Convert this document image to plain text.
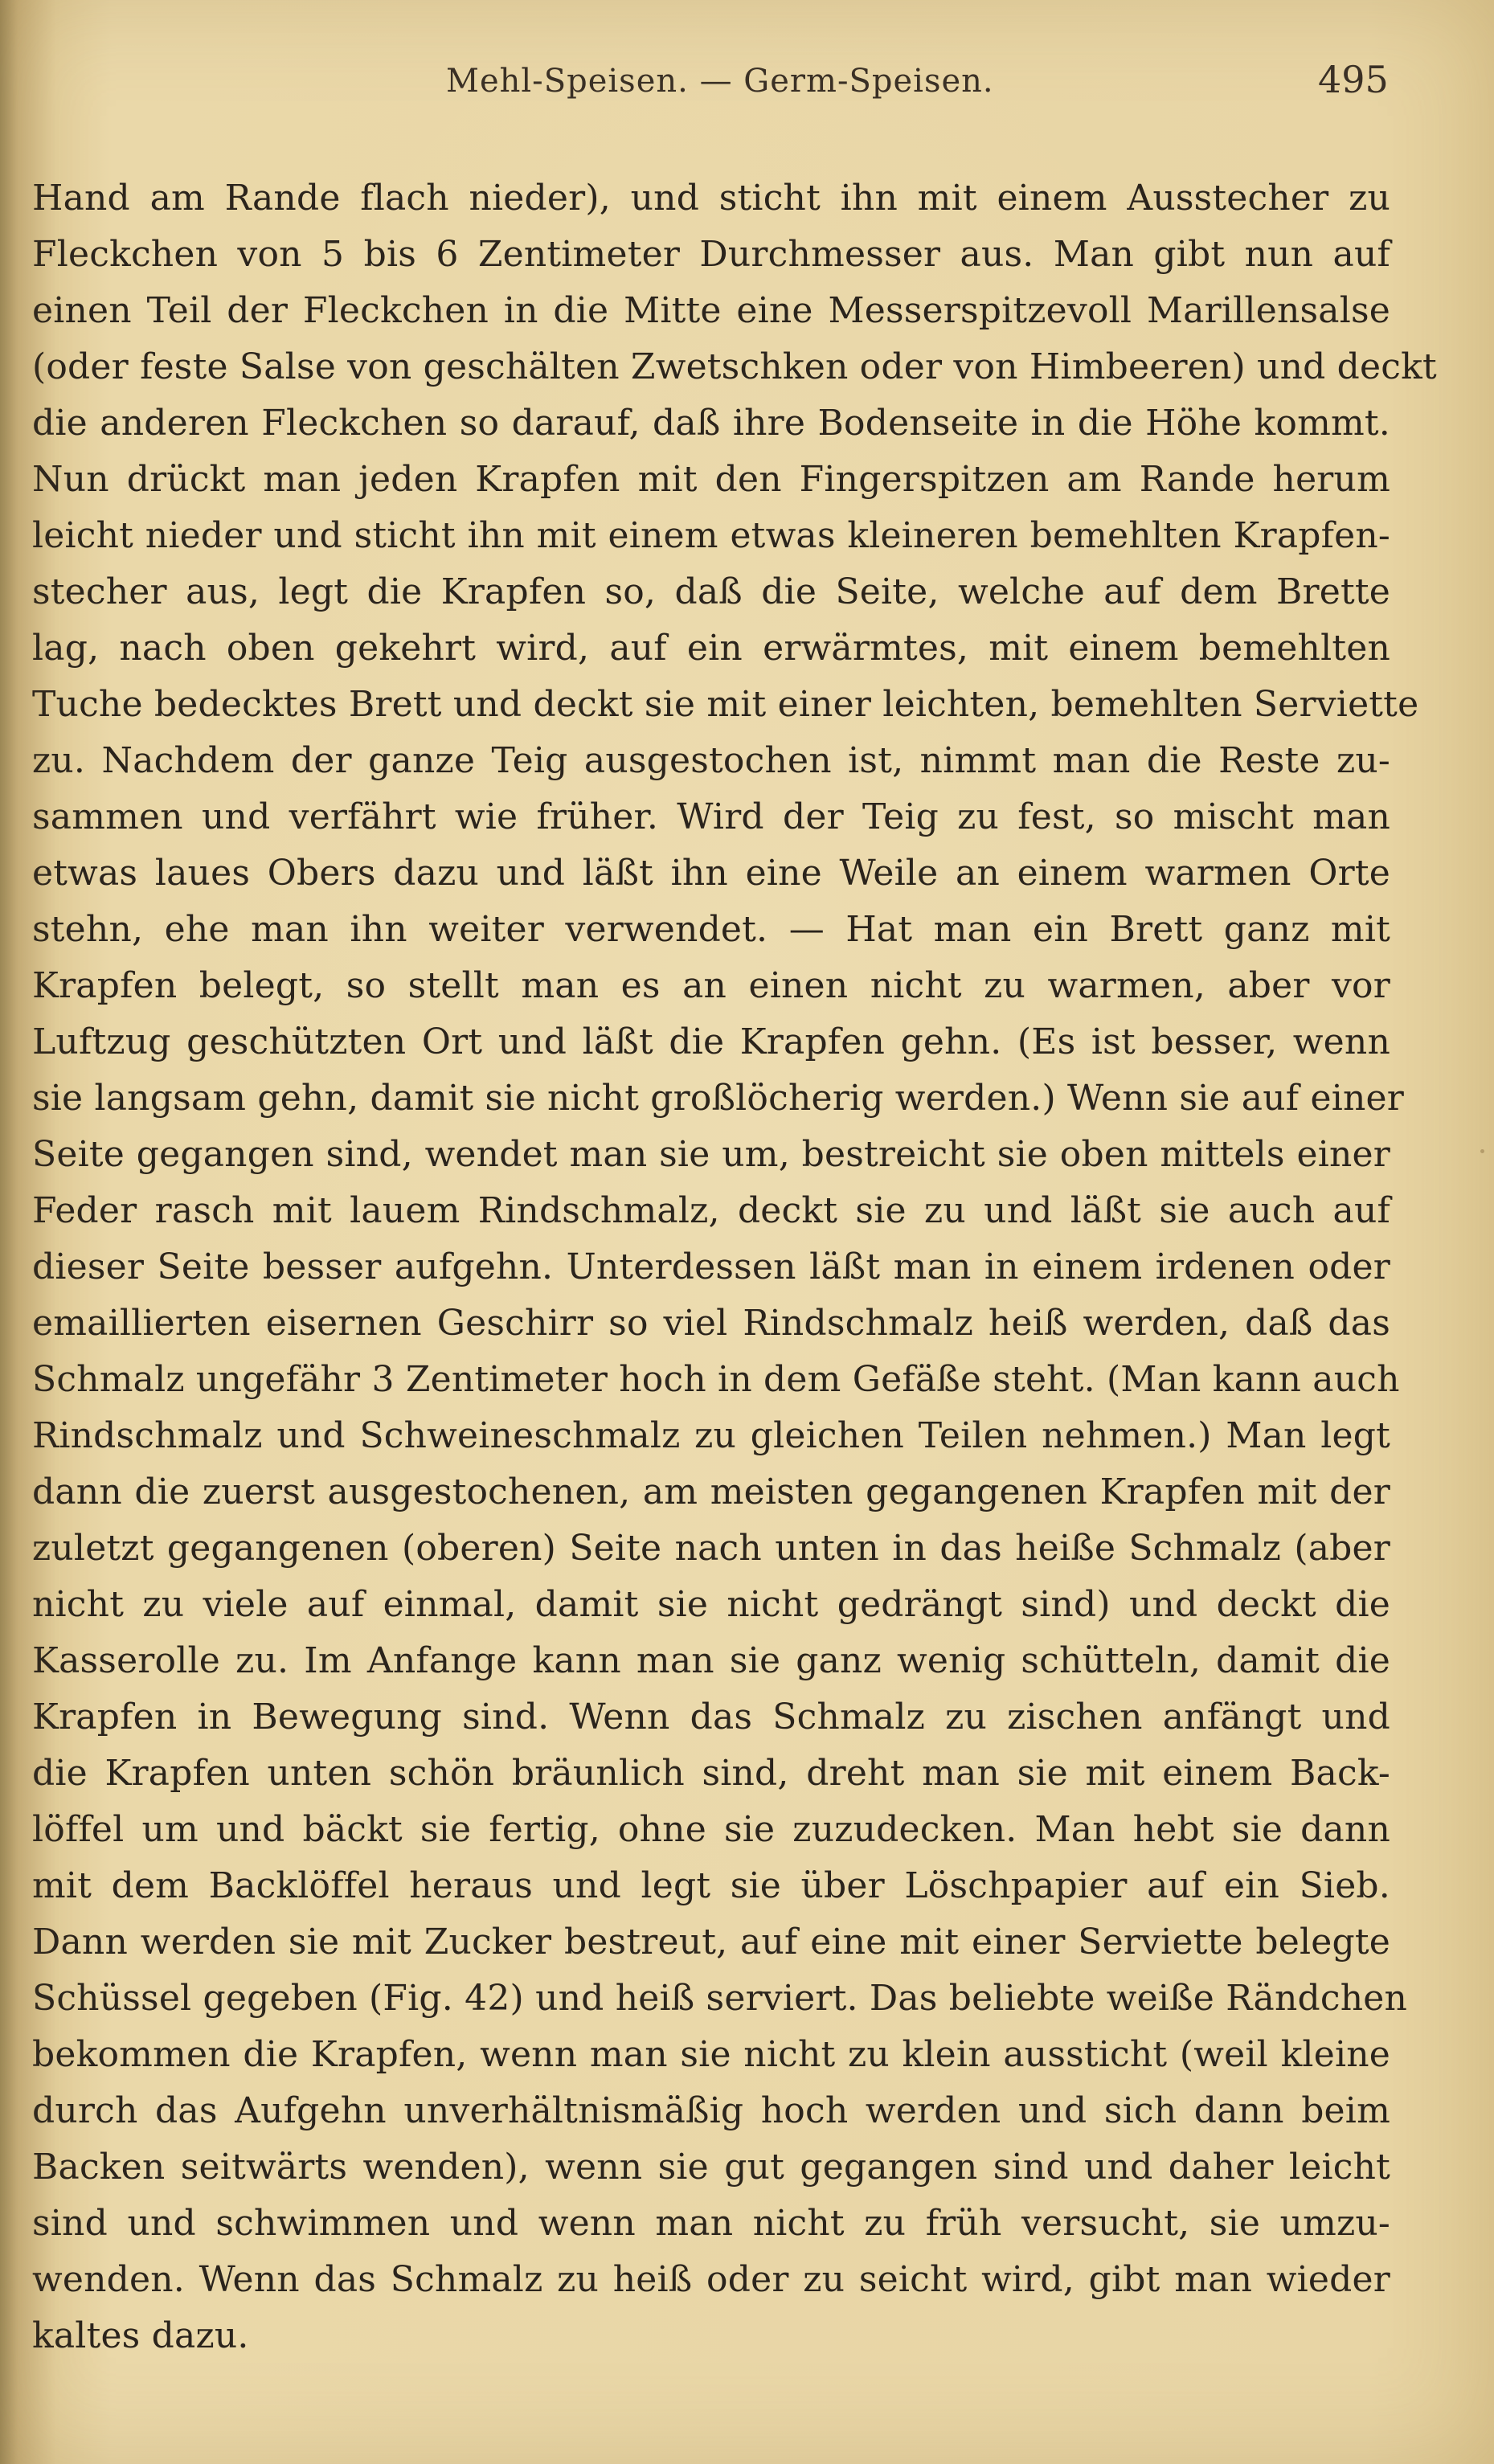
Mehl-Speisen. — Germ-Speisen.	495
Hand am Rande flach nieder), und sticht ihn mit einem Ausstecher zu
Fleckchen von 5 bis 6 Zentimeter Durchmesser aus. Man gibt nun auf
einen Teil der Fleckchen in die Mitte eine Messerspitzevoll Marillensalse
(oder feste Salse von geschälten Zwetschken oder von Himbeeren) und deckt
die anderen Fleckchen so darauf, daß ihre Bodenseite in die Höhe kommt.
Nun drückt man jeden Krapfen mit den Fingerspitzen am Rande herum
leicht nieder und sticht ihn mit einem etwas kleineren bemehlten Krapfen-
stecher aus, legt die Krapfen so, daß die Seite, welche auf dem Brette
lag, nach oben gekehrt wird, auf ein erwärmtes, mit einem bemehlten
Tuche bedecktes Brett und deckt sie mit einer leichten, bemehlten Serviette
zu. Nachdem der ganze Teig ausgestochen ist, nimmt man die Reste zu-
sammen und verfährt wie früher. Wird der Teig zu fest, so mischt man
etwas laues Obers dazu und läßt ihn eine Weile an einem warmen Orte
stehn, ehe man ihn weiter verwendet. — Hat man ein Brett ganz mit
Krapfen belegt, so stellt man es an einen nicht zu warmen, aber vor
Luftzug geschützten Ort und läßt die Krapfen gehn. (Es ist besser, wenn
sie langsam gehn, damit sie nicht großlöcherig werden.) Wenn sie auf einer
Seite gegangen sind, wendet man sie um, bestreicht sie oben mittels einer
Feder rasch mit lauem Rindschmalz, deckt sie zu und läßt sie auch auf
dieser Seite besser aufgehn. Unterdessen läßt man in einem irdenen oder
emaillierten eisernen Geschirr so viel Rindschmalz heiß werden, daß das
Schmalz ungefähr 3 Zentimeter hoch in dem Gefäße steht. (Man kann auch
Rindschmalz und Schweineschmalz zu gleichen Teilen nehmen.) Man legt
dann die zuerst ausgestochenen, am meisten gegangenen Krapfen mit der
zuletzt gegangenen (oberen) Seite nach unten in das heiße Schmalz (aber
nicht zu viele auf einmal, damit sie nicht gedrängt sind) und deckt die
Kasserolle zu. Im Anfange kann man sie ganz wenig schütteln, damit die
Krapfen in Bewegung sind. Wenn das Schmalz zu zischen anfängt und
die Krapfen unten schön bräunlich sind, dreht man sie mit einem Back-
löffel um und bäckt sie fertig, ohne sie zuzudecken. Man hebt sie dann
mit dem Backlöffel heraus und legt sie über Löschpapier auf ein Sieb.
Dann werden sie mit Zucker bestreut, auf eine mit einer Serviette belegte
Schüssel gegeben (Fig. 42) und heiß serviert. Das beliebte weiße Rändchen
bekommen die Krapfen, wenn man sie nicht zu klein aussticht (weil kleine
durch das Aufgehn unverhältnismäßig hoch werden und sich dann beim
Backen seitwärts wenden), wenn sie gut gegangen sind und daher leicht
sind und schwimmen und wenn man nicht zu früh versucht, sie umzu-
wenden. Wenn das Schmalz zu heiß oder zu seicht wird, gibt man wieder
kaltes dazu.
